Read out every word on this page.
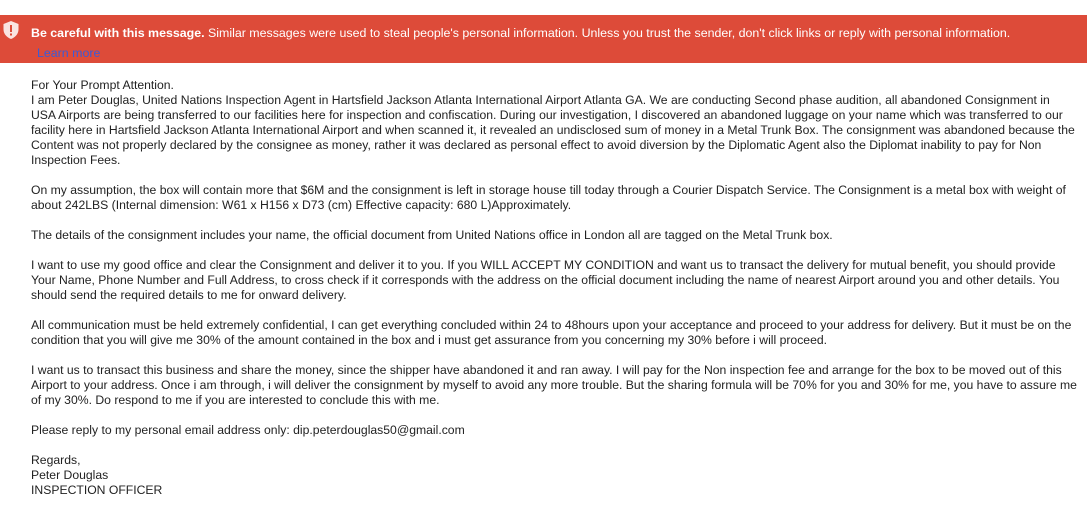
Be careful with this message. Similar messages were used to steal people's personal information. Unless you trust the sender, don't click links or reply with personal information. Learn more

For Your Prompt Attention.
I am Peter Douglas, United Nations Inspection Agent in Hartsfield Jackson Atlanta International Airport Atlanta GA. We are conducting Second phase audition, all abandoned Consignment in USA Airports are being transferred to our facilities here for inspection and confiscation. During our investigation, I discovered an abandoned luggage on your name which was transferred to our facility here in Hartsfield Jackson Atlanta International Airport and when scanned it, it revealed an undisclosed sum of money in a Metal Trunk Box. The consignment was abandoned because the Content was not properly declared by the consignee as money, rather it was declared as personal effect to avoid diversion by the Diplomatic Agent also the Diplomat inability to pay for Non Inspection Fees.

On my assumption, the box will contain more that $6M and the consignment is left in storage house till today through a Courier Dispatch Service. The Consignment is a metal box with weight of about 242LBS (Internal dimension: W61 x H156 x D73 (cm) Effective capacity: 680 L)Approximately.

The details of the consignment includes your name, the official document from United Nations office in London all are tagged on the Metal Trunk box.

I want to use my good office and clear the Consignment and deliver it to you. If you WILL ACCEPT MY CONDITION and want us to transact the delivery for mutual benefit, you should provide Your Name, Phone Number and Full Address, to cross check if it corresponds with the address on the official document including the name of nearest Airport around you and other details. You should send the required details to me for onward delivery.

All communication must be held extremely confidential, I can get everything concluded within 24 to 48hours upon your acceptance and proceed to your address for delivery. But it must be on the condition that you will give me 30% of the amount contained in the box and i must get assurance from you concerning my 30% before i will proceed.

I want us to transact this business and share the money, since the shipper have abandoned it and ran away. I will pay for the Non inspection fee and arrange for the box to be moved out of this Airport to your address. Once i am through, i will deliver the consignment by myself to avoid any more trouble. But the sharing formula will be 70% for you and 30% for me, you have to assure me of my 30%. Do respond to me if you are interested to conclude this with me.

Please reply to my personal email address only: dip.peterdouglas50@gmail.com

Regards,
Peter Douglas
INSPECTION OFFICER
